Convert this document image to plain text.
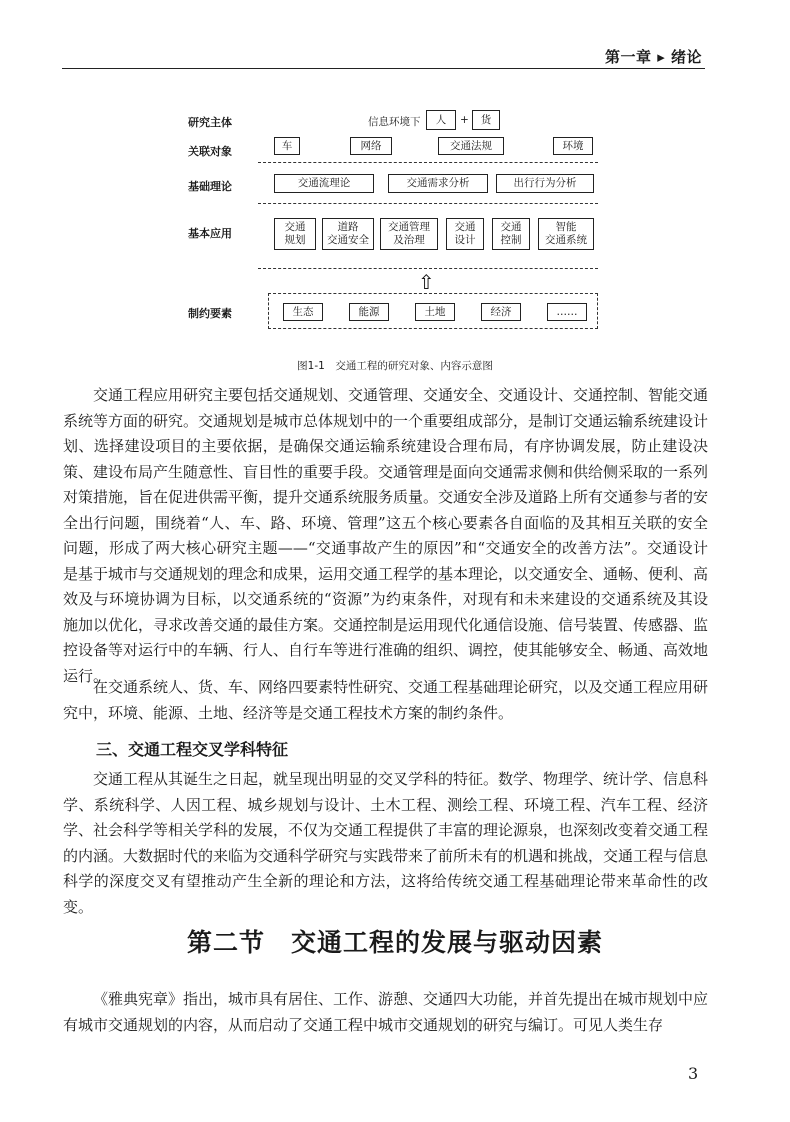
第一章 ▸ 绪论
研究主体
关联对象
基础理论
基本应用
制约要素
信息环境下	人	+	货
车	网络	交通法规	环境
交通流理论	交通需求分析	出行行为分析
交通
规划
道路
交通安全
交通管理
及治理
交通
设计
交通
控制
智能
交通系统
⇧
生态	能源	土地	经济	……
图1-1　交通工程的研究对象、内容示意图

交通工程应用研究主要包括交通规划、交通管理、交通安全、交通设计、交通控制、智能交通系统等方面的研究。交通规划是城市总体规划中的一个重要组成部分，是制订交通运输系统建设计划、选择建设项目的主要依据，是确保交通运输系统建设合理布局，有序协调发展，防止建设决策、建设布局产生随意性、盲目性的重要手段。交通管理是面向交通需求侧和供给侧采取的一系列对策措施，旨在促进供需平衡，提升交通系统服务质量。交通安全涉及道路上所有交通参与者的安全出行问题，围绕着“人、车、路、环境、管理”这五个核心要素各自面临的及其相互关联的安全问题，形成了两大核心研究主题——“交通事故产生的原因”和“交通安全的改善方法”。交通设计是基于城市与交通规划的理念和成果，运用交通工程学的基本理论，以交通安全、通畅、便利、高效及与环境协调为目标，以交通系统的“资源”为约束条件，对现有和未来建设的交通系统及其设施加以优化，寻求改善交通的最佳方案。交通控制是运用现代化通信设施、信号装置、传感器、监控设备等对运行中的车辆、行人、自行车等进行准确的组织、调控，使其能够安全、畅通、高效地运行。

在交通系统人、货、车、网络四要素特性研究、交通工程基础理论研究，以及交通工程应用研究中，环境、能源、土地、经济等是交通工程技术方案的制约条件。

三、交通工程交叉学科特征

交通工程从其诞生之日起，就呈现出明显的交叉学科的特征。数学、物理学、统计学、信息科学、系统科学、人因工程、城乡规划与设计、土木工程、测绘工程、环境工程、汽车工程、经济学、社会科学等相关学科的发展，不仅为交通工程提供了丰富的理论源泉，也深刻改变着交通工程的内涵。大数据时代的来临为交通科学研究与实践带来了前所未有的机遇和挑战，交通工程与信息科学的深度交叉有望推动产生全新的理论和方法，这将给传统交通工程基础理论带来革命性的改变。

第二节　交通工程的发展与驱动因素

《雅典宪章》指出，城市具有居住、工作、游憩、交通四大功能，并首先提出在城市规划中应有城市交通规划的内容，从而启动了交通工程中城市交通规划的研究与编订。可见人类生存

3
